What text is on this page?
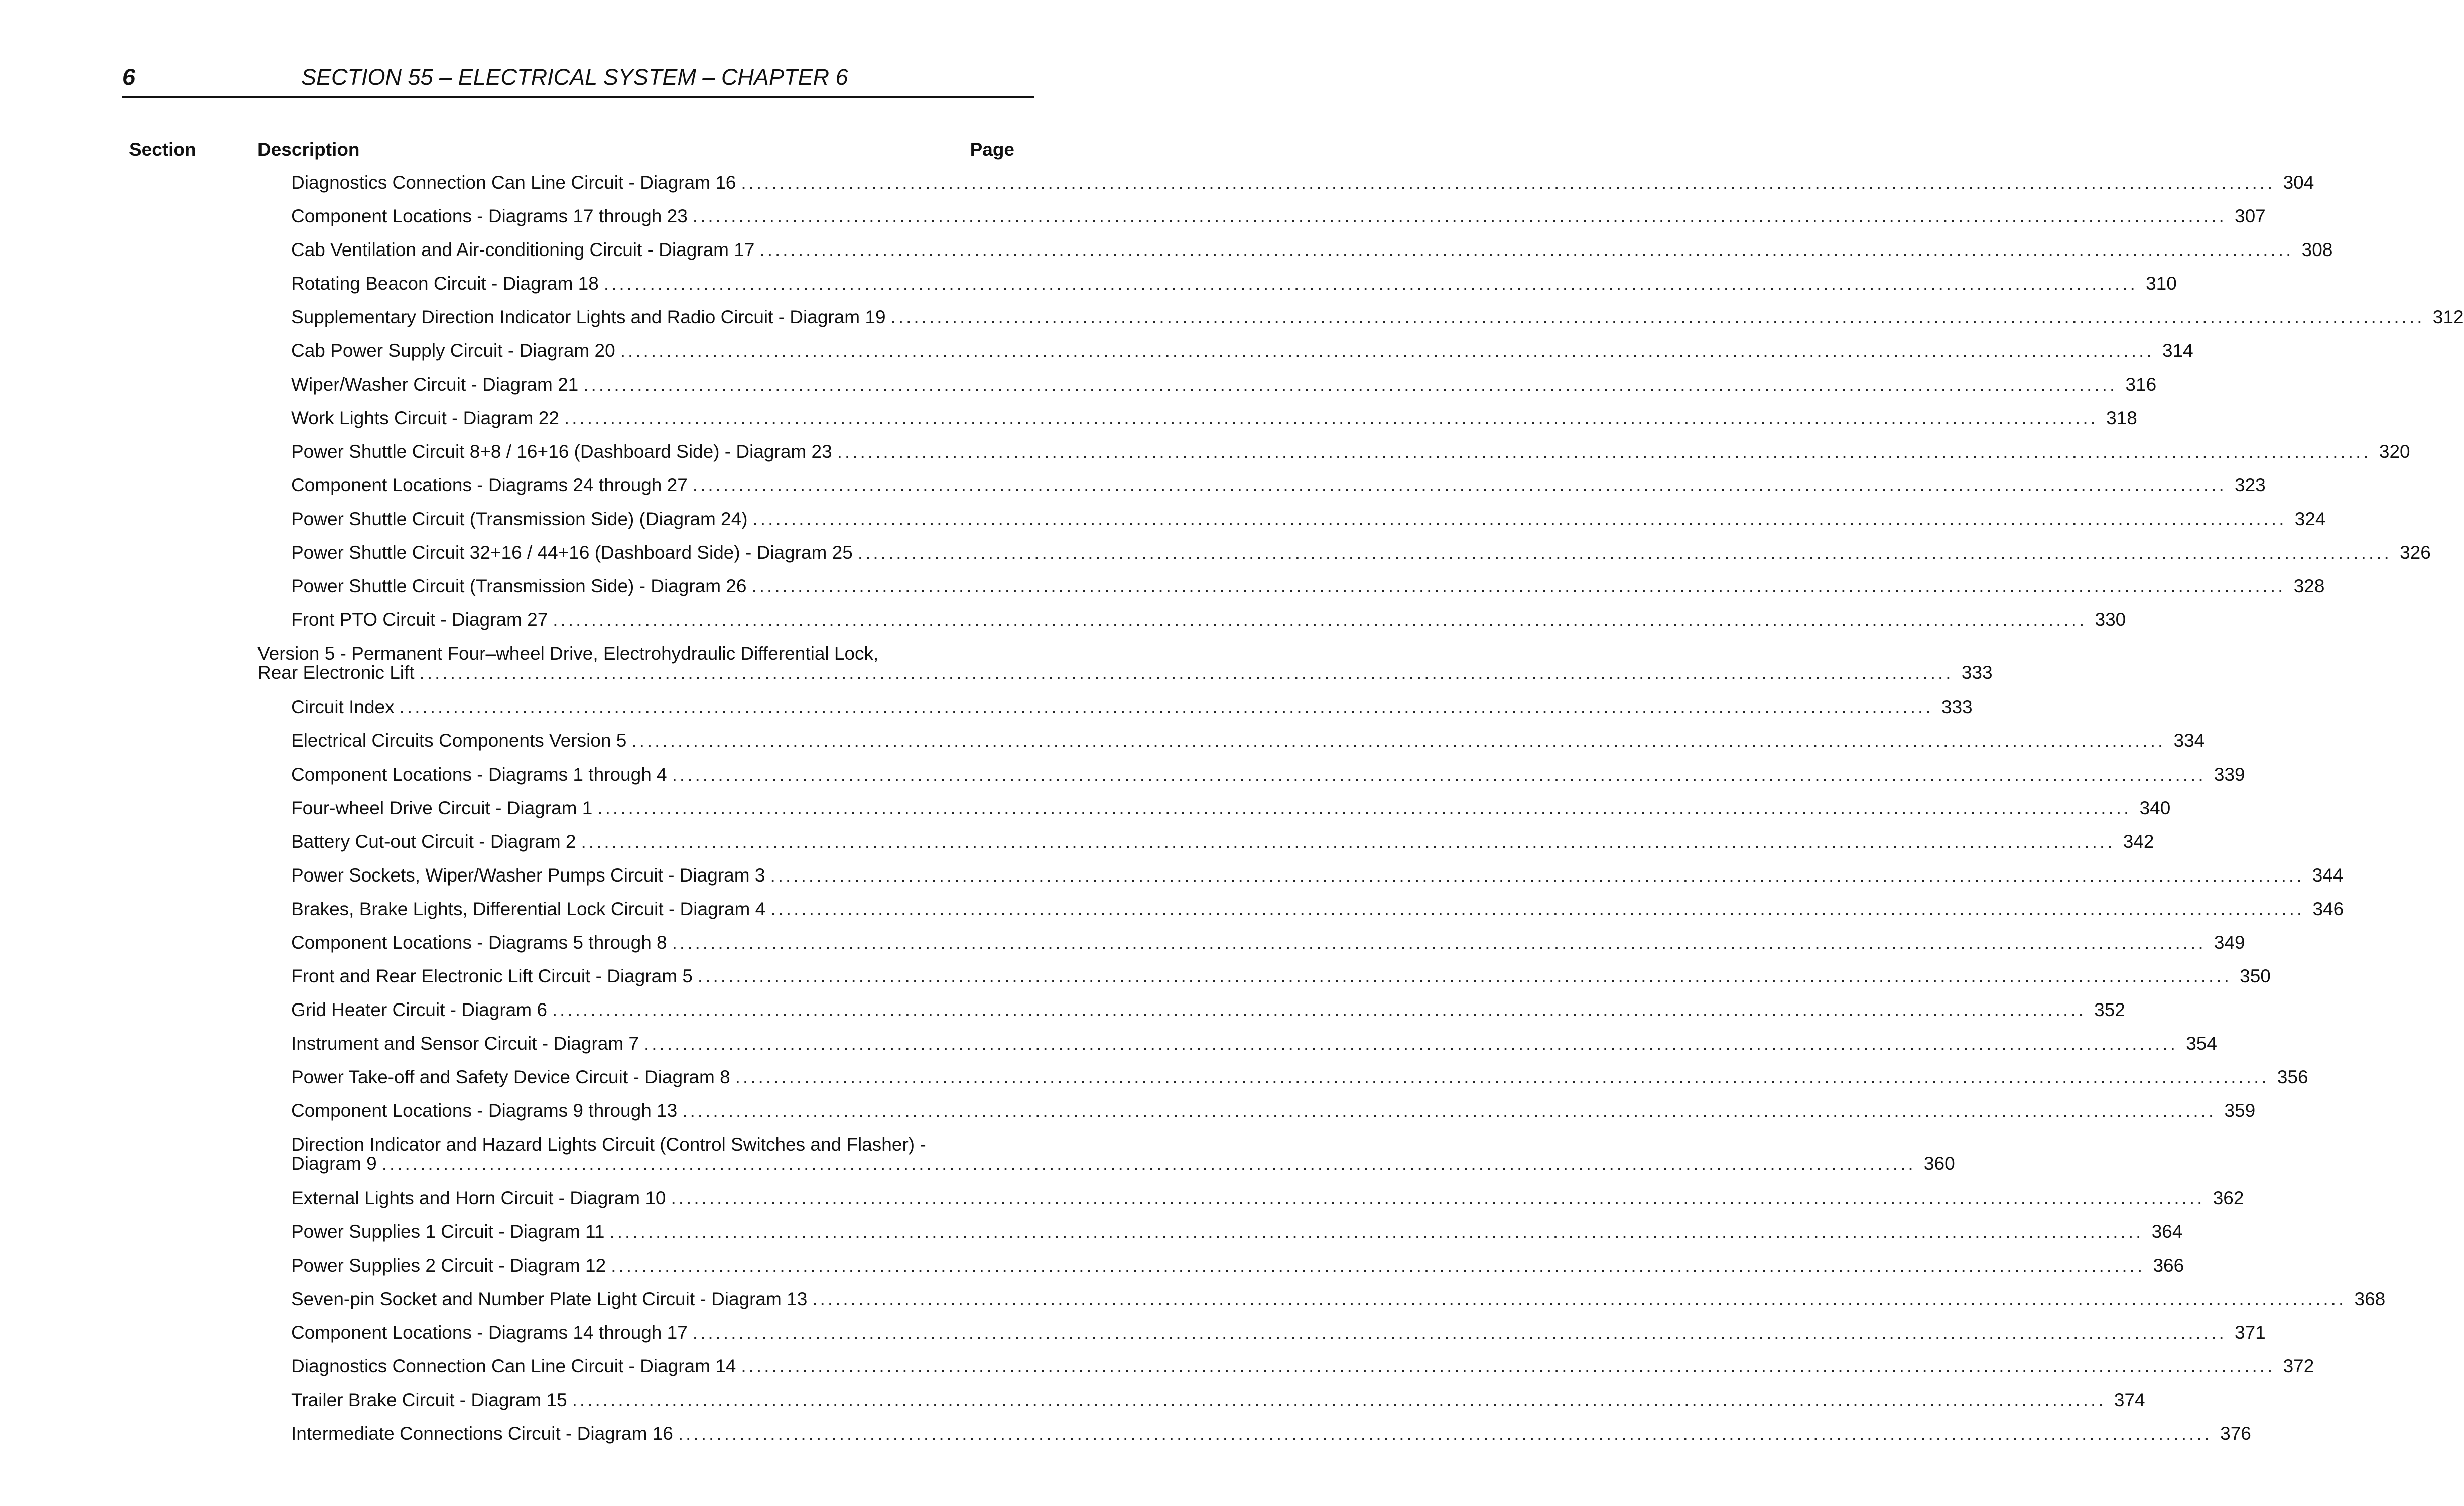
6	SECTION 55 – ELECTRICAL SYSTEM – CHAPTER 6
Section	Description	Page
Diagnostics Connection Can Line Circuit - Diagram 16 ........................................................................................................................................................................................................ 304
Component Locations - Diagrams 17 through 23 ........................................................................................................................................................................................................ 307
Cab Ventilation and Air-conditioning Circuit - Diagram 17 ........................................................................................................................................................................................................ 308
Rotating Beacon Circuit - Diagram 18 ........................................................................................................................................................................................................ 310
Supplementary Direction Indicator Lights and Radio Circuit - Diagram 19 ........................................................................................................................................................................................................ 312
Cab Power Supply Circuit - Diagram 20 ........................................................................................................................................................................................................ 314
Wiper/Washer Circuit - Diagram 21 ........................................................................................................................................................................................................ 316
Work Lights Circuit - Diagram 22 ........................................................................................................................................................................................................ 318
Power Shuttle Circuit 8+8 / 16+16 (Dashboard Side) - Diagram 23 ........................................................................................................................................................................................................ 320
Component Locations - Diagrams 24 through 27 ........................................................................................................................................................................................................ 323
Power Shuttle Circuit (Transmission Side) (Diagram 24) ........................................................................................................................................................................................................ 324
Power Shuttle Circuit 32+16 / 44+16 (Dashboard Side) - Diagram 25 ........................................................................................................................................................................................................ 326
Power Shuttle Circuit (Transmission Side) - Diagram 26 ........................................................................................................................................................................................................ 328
Front PTO Circuit - Diagram 27 ........................................................................................................................................................................................................ 330
Version 5 - Permanent Four–wheel Drive, Electrohydraulic Differential Lock,
Rear Electronic Lift ........................................................................................................................................................................................................ 333
Circuit Index ........................................................................................................................................................................................................ 333
Electrical Circuits Components Version 5 ........................................................................................................................................................................................................ 334
Component Locations - Diagrams 1 through 4 ........................................................................................................................................................................................................ 339
Four-wheel Drive Circuit - Diagram 1 ........................................................................................................................................................................................................ 340
Battery Cut-out Circuit - Diagram 2 ........................................................................................................................................................................................................ 342
Power Sockets, Wiper/Washer Pumps Circuit - Diagram 3 ........................................................................................................................................................................................................ 344
Brakes, Brake Lights, Differential Lock Circuit - Diagram 4 ........................................................................................................................................................................................................ 346
Component Locations - Diagrams 5 through 8 ........................................................................................................................................................................................................ 349
Front and Rear Electronic Lift Circuit - Diagram 5 ........................................................................................................................................................................................................ 350
Grid Heater Circuit - Diagram 6 ........................................................................................................................................................................................................ 352
Instrument and Sensor Circuit - Diagram 7 ........................................................................................................................................................................................................ 354
Power Take-off and Safety Device Circuit - Diagram 8 ........................................................................................................................................................................................................ 356
Component Locations - Diagrams 9 through 13 ........................................................................................................................................................................................................ 359
Direction Indicator and Hazard Lights Circuit (Control Switches and Flasher) -
Diagram 9 ........................................................................................................................................................................................................ 360
External Lights and Horn Circuit - Diagram 10 ........................................................................................................................................................................................................ 362
Power Supplies 1 Circuit - Diagram 11 ........................................................................................................................................................................................................ 364
Power Supplies 2 Circuit - Diagram 12 ........................................................................................................................................................................................................ 366
Seven-pin Socket and Number Plate Light Circuit - Diagram 13 ........................................................................................................................................................................................................ 368
Component Locations - Diagrams 14 through 17 ........................................................................................................................................................................................................ 371
Diagnostics Connection Can Line Circuit - Diagram 14 ........................................................................................................................................................................................................ 372
Trailer Brake Circuit - Diagram 15 ........................................................................................................................................................................................................ 374
Intermediate Connections Circuit - Diagram 16 ........................................................................................................................................................................................................ 376
